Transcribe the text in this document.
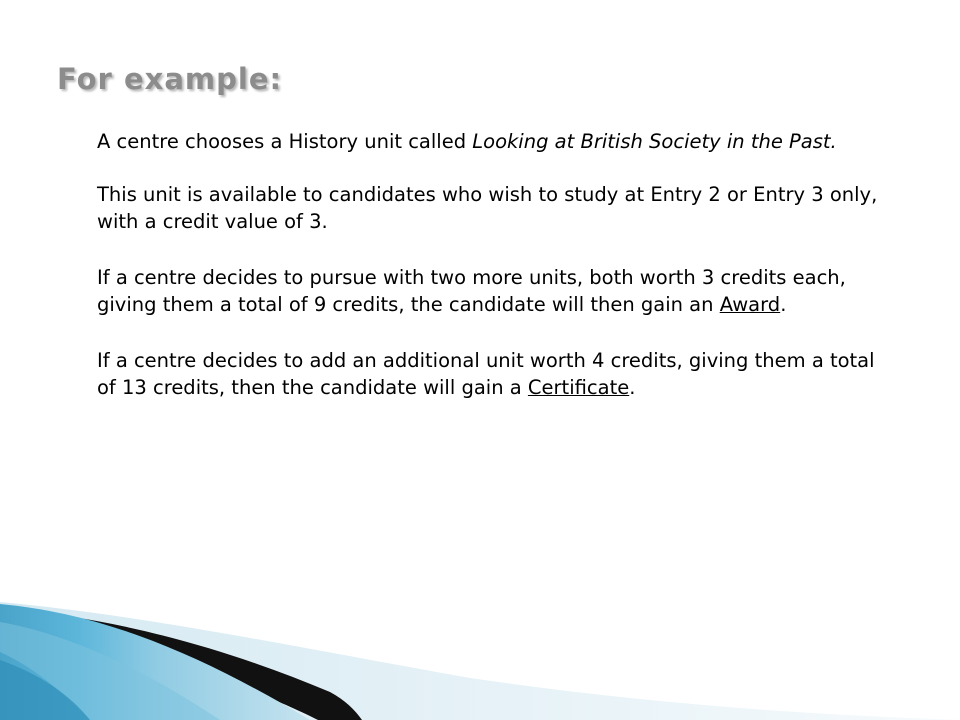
For example:

A centre chooses a History unit called Looking at British Society in the Past.

This unit is available to candidates who wish to study at Entry 2 or Entry 3 only, with a credit value of 3.

If a centre decides to pursue with two more units, both worth 3 credits each, giving them a total of 9 credits, the candidate will then gain an Award.

If a centre decides to add an additional unit worth 4 credits, giving them a total of 13 credits, then the candidate will gain a Certificate.
